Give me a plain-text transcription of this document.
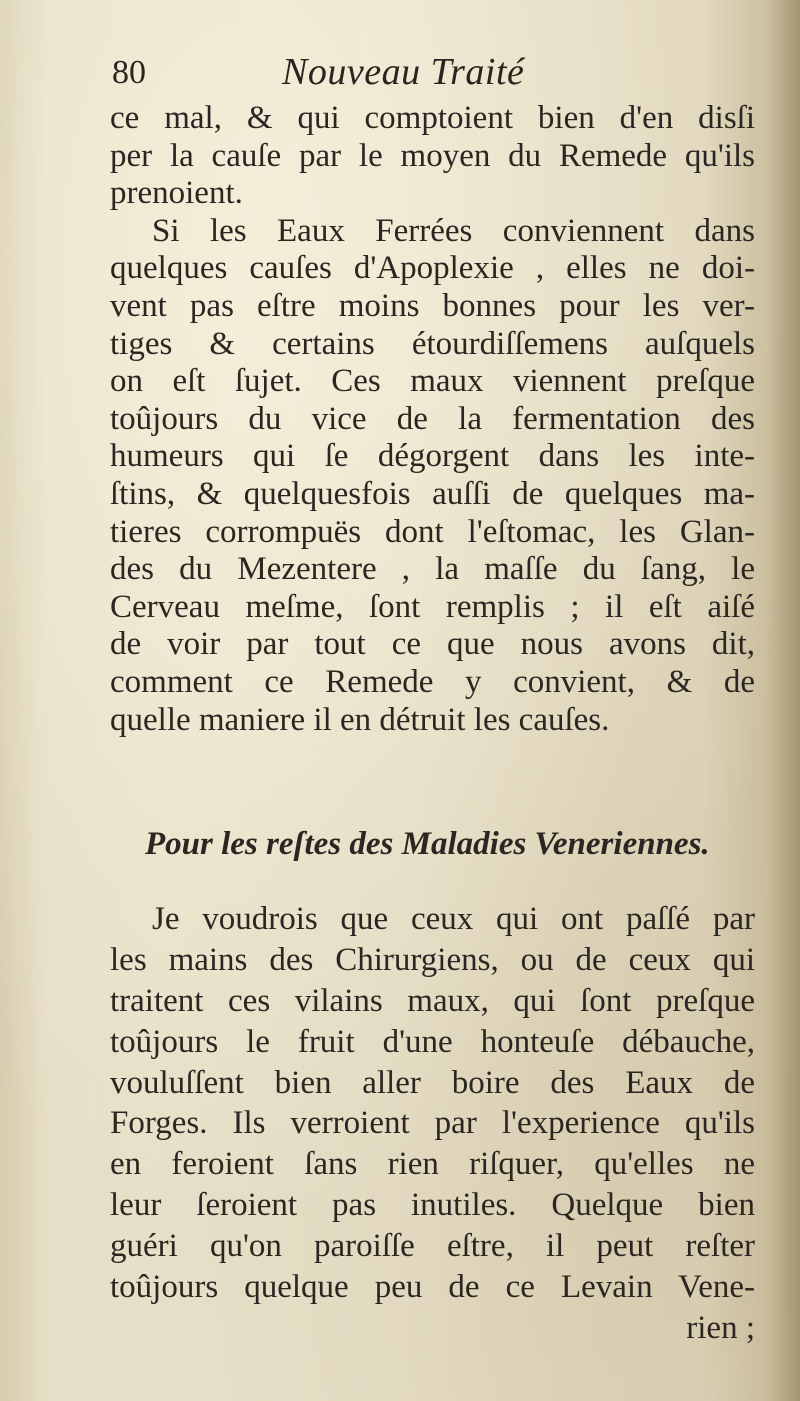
80	Nouveau Traité
ce mal, & qui comptoient bien d'en disſi
per la cauſe par le moyen du Remede qu'ils
prenoient.
Si les Eaux Ferrées conviennent dans
quelques cauſes d'Apoplexie , elles ne doi-
vent pas eſtre moins bonnes pour les ver-
tiges & certains étourdiſſemens auſquels
on eſt ſujet. Ces maux viennent preſque
toûjours du vice de la fermentation des
humeurs qui ſe dégorgent dans les inte-
ſtins, & quelquesfois auſſi de quelques ma-
tieres corrompuës dont l'eſtomac, les Glan-
des du Mezentere , la maſſe du ſang, le
Cerveau meſme, ſont remplis ; il eſt aiſé
de voir par tout ce que nous avons dit,
comment ce Remede y convient, & de
quelle maniere il en détruit les cauſes.
Pour les reſtes des Maladies Veneriennes.
Je voudrois que ceux qui ont paſſé par
les mains des Chirurgiens, ou de ceux qui
traitent ces vilains maux, qui ſont preſque
toûjours le fruit d'une honteuſe débauche,
vouluſſent bien aller boire des Eaux de
Forges. Ils verroient par l'experience qu'ils
en feroient ſans rien riſquer, qu'elles ne
leur ſeroient pas inutiles. Quelque bien
guéri qu'on paroiſſe eſtre, il peut reſter
toûjours quelque peu de ce Levain Vene-
rien ;
